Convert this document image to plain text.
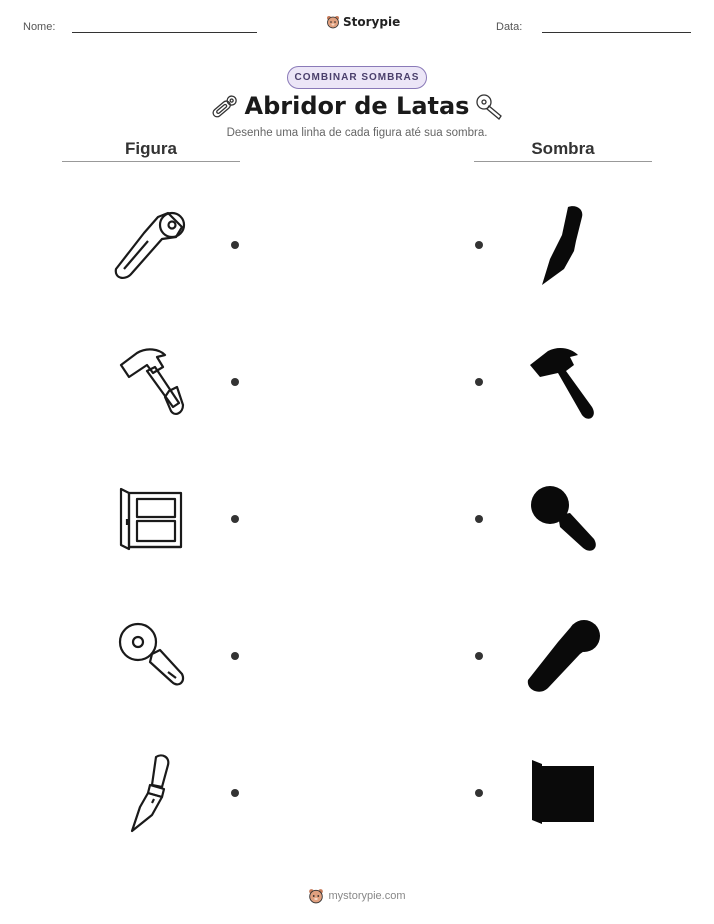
Nome:	Storypie	Data:
COMBINAR SOMBRAS
Abridor de Latas
Desenhe uma linha de cada figura até sua sombra.
Figura	Sombra
mystorypie.com
